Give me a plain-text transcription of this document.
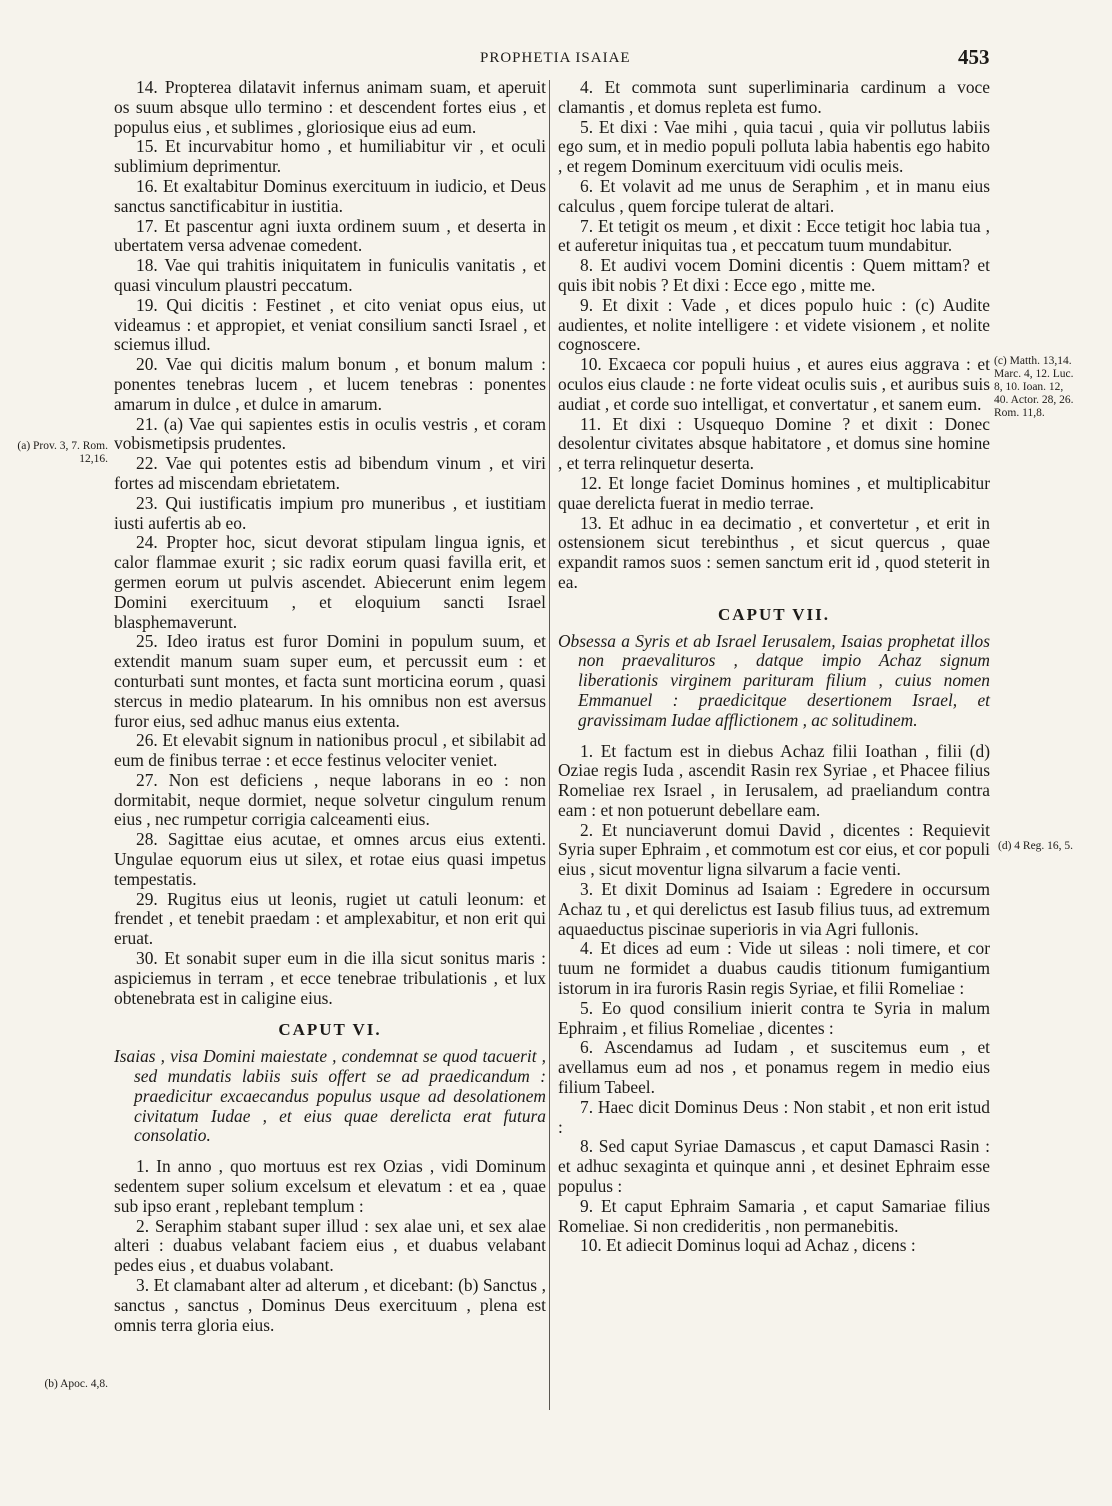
PROPHETIA ISAIAE	453

14. Propterea dilatavit infernus animam suam, et aperuit os suum absque ullo termino : et descendent fortes eius , et populus eius , et sublimes , gloriosique eius ad eum.

15. Et incurvabitur homo , et humiliabitur vir , et oculi sublimium deprimentur.

16. Et exaltabitur Dominus exercituum in iudicio, et Deus sanctus sanctificabitur in iustitia.

17. Et pascentur agni iuxta ordinem suum , et deserta in ubertatem versa advenae comedent.

18. Vae qui trahitis iniquitatem in funiculis vanitatis , et quasi vinculum plaustri peccatum.

19. Qui dicitis : Festinet , et cito veniat opus eius, ut videamus : et appropiet, et veniat consilium sancti Israel , et sciemus illud.

20. Vae qui dicitis malum bonum , et bonum malum : ponentes tenebras lucem , et lucem tenebras : ponentes amarum in dulce , et dulce in amarum.

21. (a) Vae qui sapientes estis in oculis vestris , et coram vobismetipsis prudentes.

22. Vae qui potentes estis ad bibendum vinum , et viri fortes ad miscendam ebrietatem.

23. Qui iustificatis impium pro muneribus , et iustitiam iusti aufertis ab eo.

24. Propter hoc, sicut devorat stipulam lingua ignis, et calor flammae exurit ; sic radix eorum quasi favilla erit, et germen eorum ut pulvis ascendet. Abiecerunt enim legem Domini exercituum , et eloquium sancti Israel blasphemaverunt.

25. Ideo iratus est furor Domini in populum suum, et extendit manum suam super eum, et percussit eum : et conturbati sunt montes, et facta sunt morticina eorum , quasi stercus in medio platearum. In his omnibus non est aversus furor eius, sed adhuc manus eius extenta.

26. Et elevabit signum in nationibus procul , et sibilabit ad eum de finibus terrae : et ecce festinus velociter veniet.

27. Non est deficiens , neque laborans in eo : non dormitabit, neque dormiet, neque solvetur cingulum renum eius , nec rumpetur corrigia calceamenti eius.

28. Sagittae eius acutae, et omnes arcus eius extenti. Ungulae equorum eius ut silex, et rotae eius quasi impetus tempestatis.

29. Rugitus eius ut leonis, rugiet ut catuli leonum: et frendet , et tenebit praedam : et amplexabitur, et non erit qui eruat.

30. Et sonabit super eum in die illa sicut sonitus maris : aspiciemus in terram , et ecce tenebrae tribulationis , et lux obtenebrata est in caligine eius.

CAPUT VI.

Isaias , visa Domini maiestate , condemnat se quod tacuerit , sed mundatis labiis suis offert se ad praedicandum : praedicitur excaecandus populus usque ad desolationem civitatum Iudae , et eius quae derelicta erat futura consolatio.

1. In anno , quo mortuus est rex Ozias , vidi Dominum sedentem super solium excelsum et elevatum : et ea , quae sub ipso erant , replebant templum :

2. Seraphim stabant super illud : sex alae uni, et sex alae alteri : duabus velabant faciem eius , et duabus velabant pedes eius , et duabus volabant.

3. Et clamabant alter ad alterum , et dicebant: (b) Sanctus , sanctus , sanctus , Dominus Deus exercituum , plena est omnis terra gloria eius.

4. Et commota sunt superliminaria cardinum a voce clamantis , et domus repleta est fumo.

5. Et dixi : Vae mihi , quia tacui , quia vir pollutus labiis ego sum, et in medio populi polluta labia habentis ego habito , et regem Dominum exercituum vidi oculis meis.

6. Et volavit ad me unus de Seraphim , et in manu eius calculus , quem forcipe tulerat de altari.

7. Et tetigit os meum , et dixit : Ecce tetigit hoc labia tua , et auferetur iniquitas tua , et peccatum tuum mundabitur.

8. Et audivi vocem Domini dicentis : Quem mittam? et quis ibit nobis ? Et dixi : Ecce ego , mitte me.

9. Et dixit : Vade , et dices populo huic : (c) Audite audientes, et nolite intelligere : et videte visionem , et nolite cognoscere.

10. Excaeca cor populi huius , et aures eius aggrava : et oculos eius claude : ne forte videat oculis suis , et auribus suis audiat , et corde suo intelligat, et convertatur , et sanem eum.

11. Et dixi : Usquequo Domine ? et dixit : Donec desolentur civitates absque habitatore , et domus sine homine , et terra relinquetur deserta.

12. Et longe faciet Dominus homines , et multiplicabitur quae derelicta fuerat in medio terrae.

13. Et adhuc in ea decimatio , et convertetur , et erit in ostensionem sicut terebinthus , et sicut quercus , quae expandit ramos suos : semen sanctum erit id , quod steterit in ea.

CAPUT VII.

Obsessa a Syris et ab Israel Ierusalem, Isaias prophetat illos non praevalituros , datque impio Achaz signum liberationis virginem parituram filium , cuius nomen Emmanuel : praedicitque desertionem Israel, et gravissimam Iudae afflictionem , ac solitudinem.

1. Et factum est in diebus Achaz filii Ioathan , filii (d) Oziae regis Iuda , ascendit Rasin rex Syriae , et Phacee filius Romeliae rex Israel , in Ierusalem, ad praeliandum contra eam : et non potuerunt debellare eam.

2. Et nunciaverunt domui David , dicentes : Requievit Syria super Ephraim , et commotum est cor eius, et cor populi eius , sicut moventur ligna silvarum a facie venti.

3. Et dixit Dominus ad Isaiam : Egredere in occursum Achaz tu , et qui derelictus est Iasub filius tuus, ad extremum aquaeductus piscinae superioris in via Agri fullonis.

4. Et dices ad eum : Vide ut sileas : noli timere, et cor tuum ne formidet a duabus caudis titionum fumigantium istorum in ira furoris Rasin regis Syriae, et filii Romeliae :

5. Eo quod consilium inierit contra te Syria in malum Ephraim , et filius Romeliae , dicentes :

6. Ascendamus ad Iudam , et suscitemus eum , et avellamus eum ad nos , et ponamus regem in medio eius filium Tabeel.

7. Haec dicit Dominus Deus : Non stabit , et non erit istud :

8. Sed caput Syriae Damascus , et caput Damasci Rasin : et adhuc sexaginta et quinque anni , et desinet Ephraim esse populus :

9. Et caput Ephraim Samaria , et caput Samariae filius Romeliae. Si non credideritis , non permanebitis.

10. Et adiecit Dominus loqui ad Achaz , dicens :

(a) Prov. 3, 7. Rom. 12,16.
(b) Apoc. 4,8.
(c) Matth. 13,14. Marc. 4, 12. Luc. 8, 10. Ioan. 12, 40. Actor. 28, 26. Rom. 11,8.
(d) 4 Reg. 16, 5.
